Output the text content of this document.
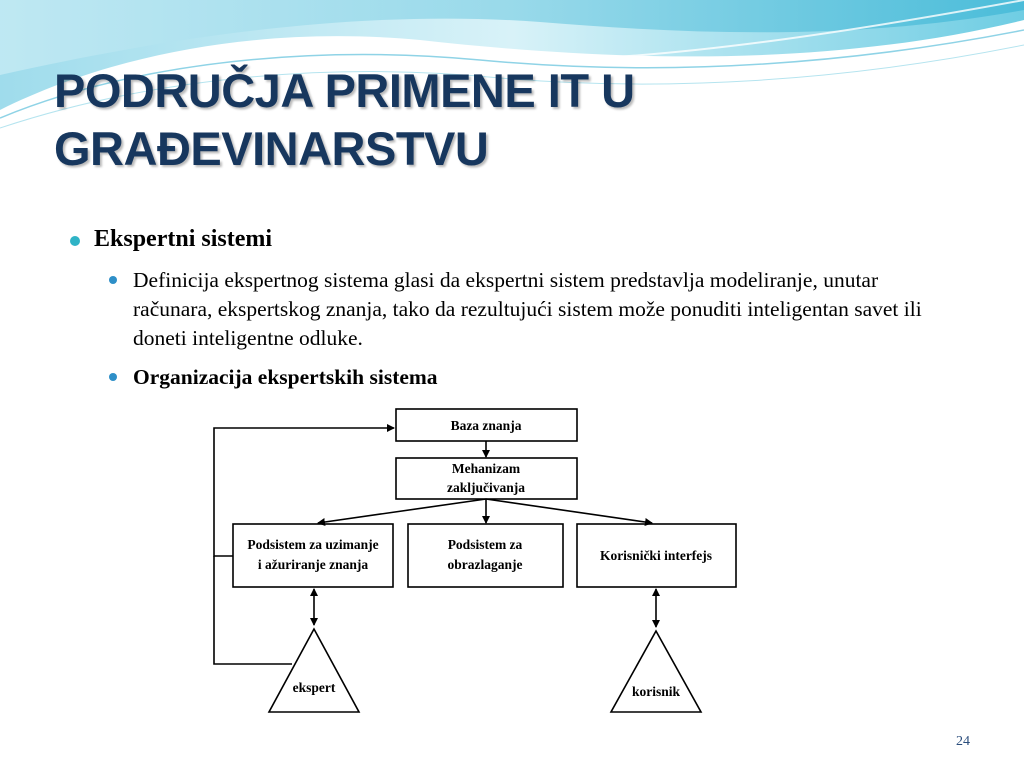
PODRUČJA PRIMENE IT U
GRAĐEVINARSTVU
Ekspertni sistemi
Definicija ekspertnog sistema glasi da ekspertni sistem predstavlja modeliranje, unutar računara, ekspertskog znanja, tako da rezultujući sistem može ponuditi inteligentan savet ili doneti inteligentne odluke.
Organizacija ekspertskih sistema
Baza znanja
Mehanizam
zaključivanja
Podsistem za uzimanje
i ažuriranje znanja
Podsistem za
obrazlaganje
Korisnički interfejs
ekspert	korisnik
24
